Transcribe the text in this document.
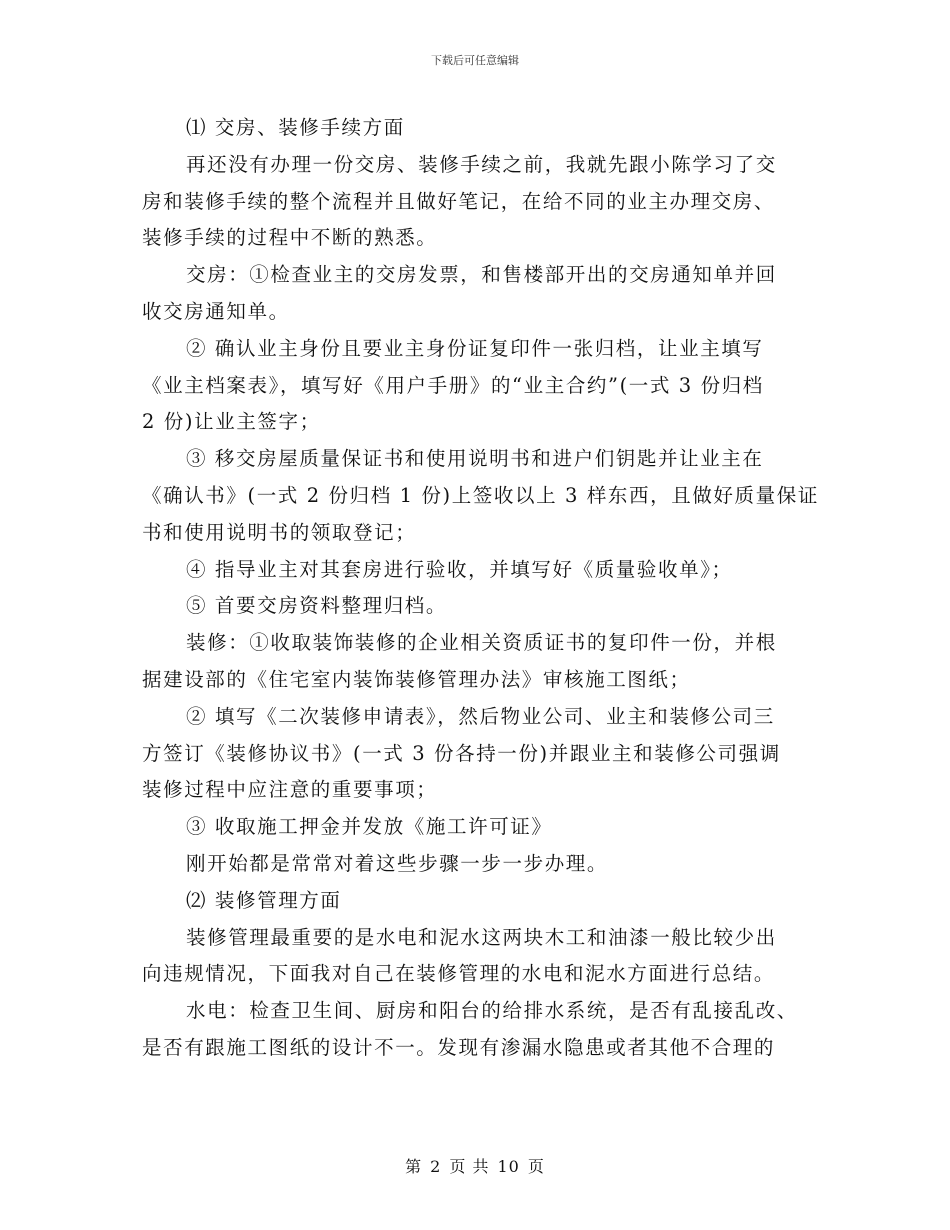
下载后可任意编辑
⑴ 交房、装修手续方面
再还没有办理一份交房、装修手续之前，我就先跟小陈学习了交
房和装修手续的整个流程并且做好笔记，在给不同的业主办理交房、
装修手续的过程中不断的熟悉。
交房：①检查业主的交房发票，和售楼部开出的交房通知单并回
收交房通知单。
② 确认业主身份且要业主身份证复印件一张归档，让业主填写
《业主档案表》，填写好《用户手册》的“业主合约”(一式 3 份归档
2 份)让业主签字；
③ 移交房屋质量保证书和使用说明书和进户们钥匙并让业主在
《确认书》(一式 2 份归档 1 份)上签收以上 3 样东西，且做好质量保证
书和使用说明书的领取登记；
④ 指导业主对其套房进行验收，并填写好《质量验收单》；
⑤ 首要交房资料整理归档。
装修：①收取装饰装修的企业相关资质证书的复印件一份，并根
据建设部的《住宅室内装饰装修管理办法》审核施工图纸；
② 填写《二次装修申请表》，然后物业公司、业主和装修公司三
方签订《装修协议书》(一式 3 份各持一份)并跟业主和装修公司强调
装修过程中应注意的重要事项；
③ 收取施工押金并发放《施工许可证》
刚开始都是常常对着这些步骤一步一步办理。
⑵ 装修管理方面
装修管理最重要的是水电和泥水这两块木工和油漆一般比较少出
向违规情况，下面我对自己在装修管理的水电和泥水方面进行总结。
水电：检查卫生间、厨房和阳台的给排水系统，是否有乱接乱改、
是否有跟施工图纸的设计不一。发现有渗漏水隐患或者其他不合理的
第 2 页 共 10 页
